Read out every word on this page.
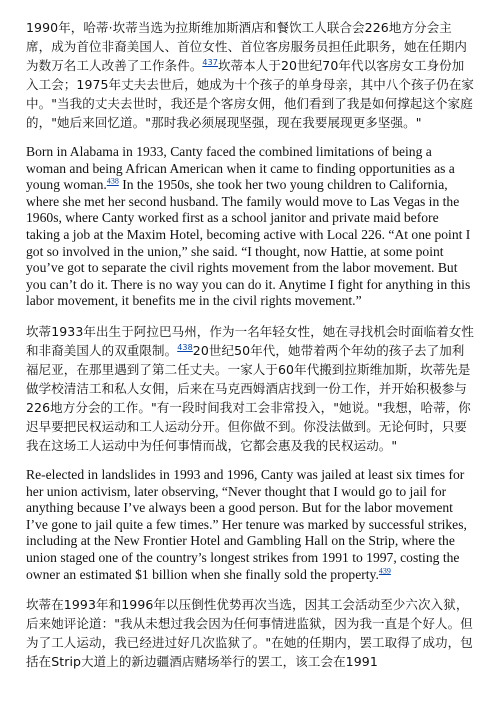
1990年，哈蒂·坎蒂当选为拉斯维加斯酒店和餐饮工人联合会226地方分会主席，成为首位非裔美国人、首位女性、首位客房服务员担任此职务，她在任期内为数万名工人改善了工作条件。$^{437}$坎蒂本人于20世纪70年代以客房女工身份加入工会；1975年丈夫去世后，她成为十个孩子的单身母亲，其中八个孩子仍在家中。"当我的丈夫去世时，我还是个客房女佣，他们看到了我是如何撑起这个家庭的，"她后来回忆道。"那时我必须展现坚强，现在我要展现更多坚强。"

Born in Alabama in 1933, Canty faced the combined limitations of being a woman and being African American when it came to finding opportunities as a young woman.$^{438}$ In the 1950s, she took her two young children to California, where she met her second husband. The family would move to Las Vegas in the 1960s, where Canty worked first as a school janitor and private maid before taking a job at the Maxim Hotel, becoming active with Local 226. “At one point I got so involved in the union,” she said. “I thought, now Hattie, at some point you’ve got to separate the civil rights movement from the labor movement. But you can’t do it. There is no way you can do it. Anytime I fight for anything in this labor movement, it benefits me in the civil rights movement.”

坎蒂1933年出生于阿拉巴马州，作为一名年轻女性，她在寻找机会时面临着女性和非裔美国人的双重限制。$^{438}$20世纪50年代，她带着两个年幼的孩子去了加利福尼亚，在那里遇到了第二任丈夫。一家人于60年代搬到拉斯维加斯，坎蒂先是做学校清洁工和私人女佣，后来在马克西姆酒店找到一份工作，并开始积极参与226地方分会的工作。"有一段时间我对工会非常投入，"她说。"我想，哈蒂，你迟早要把民权运动和工人运动分开。但你做不到。你没法做到。无论何时，只要我在这场工人运动中为任何事情而战，它都会惠及我的民权运动。"

Re-elected in landslides in 1993 and 1996, Canty was jailed at least six times for her union activism, later observing, “Never thought that I would go to jail for anything because I’ve always been a good person. But for the labor movement I’ve gone to jail quite a few times.” Her tenure was marked by successful strikes, including at the New Frontier Hotel and Gambling Hall on the Strip, where the union staged one of the country’s longest strikes from 1991 to 1997, costing the owner an estimated $1 billion when she finally sold the property.$^{439}$

坎蒂在1993年和1996年以压倒性优势再次当选，因其工会活动至少六次入狱，后来她评论道："我从未想过我会因为任何事情进监狱，因为我一直是个好人。但为了工人运动，我已经进过好几次监狱了。"在她的任期内，罢工取得了成功，包括在Strip大道上的新边疆酒店赌场举行的罢工，该工会在1991
